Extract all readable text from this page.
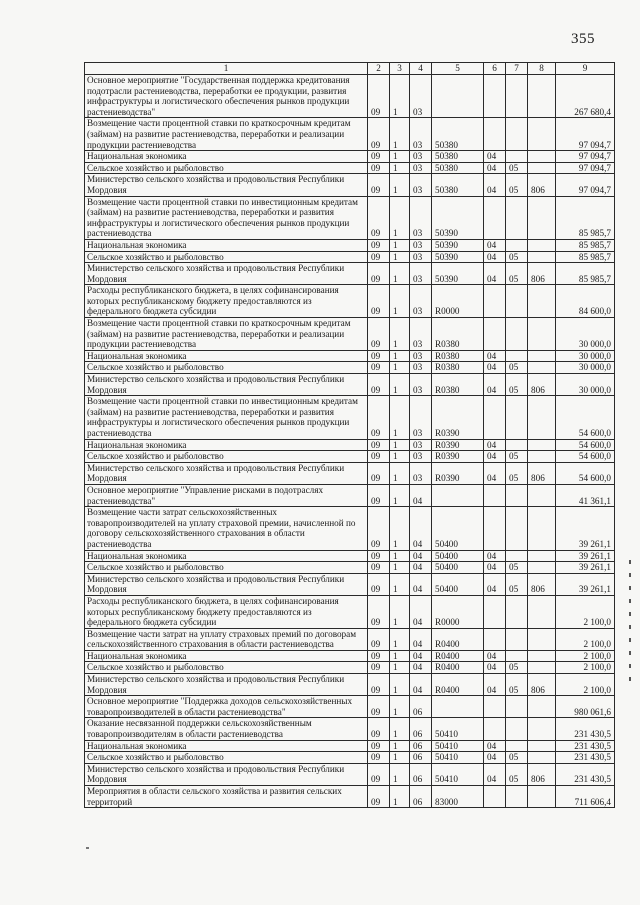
355
1	2	3	4	5	6	7	8	9
Основное мероприятие "Государственная поддержка кредитования подотрасли растениеводства, переработки ее продукции, развития инфраструктуры и логистического обеспечения рынков продукции растениеводства"	09	1	03					267 680,4
Возмещение части процентной ставки по краткосрочным кредитам (займам) на развитие растениеводства, переработки и реализации продукции растениеводства	09	1	03	50380				97 094,7
Национальная экономика	09	1	03	50380	04			97 094,7
Сельское хозяйство и рыболовство	09	1	03	50380	04	05		97 094,7
Министерство сельского хозяйства и продовольствия Республики Мордовия	09	1	03	50380	04	05	806	97 094,7
Возмещение части процентной ставки по инвестиционным кредитам (займам) на развитие растениеводства, переработки и развития инфраструктуры и логистического обеспечения рынков продукции растениеводства	09	1	03	50390				85 985,7
Национальная экономика	09	1	03	50390	04			85 985,7
Сельское хозяйство и рыболовство	09	1	03	50390	04	05		85 985,7
Министерство сельского хозяйства и продовольствия Республики Мордовия	09	1	03	50390	04	05	806	85 985,7
Расходы республиканского бюджета, в целях софинансирования которых республиканскому бюджету предоставляются из федерального бюджета субсидии	09	1	03	R0000				84 600,0
Возмещение части процентной ставки по краткосрочным кредитам (займам) на развитие растениеводства, переработки и реализации продукции растениеводства	09	1	03	R0380				30 000,0
Национальная экономика	09	1	03	R0380	04			30 000,0
Сельское хозяйство и рыболовство	09	1	03	R0380	04	05		30 000,0
Министерство сельского хозяйства и продовольствия Республики Мордовия	09	1	03	R0380	04	05	806	30 000,0
Возмещение части процентной ставки по инвестиционным кредитам (займам) на развитие растениеводства, переработки и развития инфраструктуры и логистического обеспечения рынков продукции растениеводства	09	1	03	R0390				54 600,0
Национальная экономика	09	1	03	R0390	04			54 600,0
Сельское хозяйство и рыболовство	09	1	03	R0390	04	05		54 600,0
Министерство сельского хозяйства и продовольствия Республики Мордовия	09	1	03	R0390	04	05	806	54 600,0
Основное мероприятие "Управление рисками в подотраслях растениеводства"	09	1	04					41 361,1
Возмещение части затрат сельскохозяйственных товаропроизводителей на уплату страховой премии, начисленной по договору сельскохозяйственного страхования в области растениеводства	09	1	04	50400				39 261,1
Национальная экономика	09	1	04	50400	04			39 261,1
Сельское хозяйство и рыболовство	09	1	04	50400	04	05		39 261,1
Министерство сельского хозяйства и продовольствия Республики Мордовия	09	1	04	50400	04	05	806	39 261,1
Расходы республиканского бюджета, в целях софинансирования которых республиканскому бюджету предоставляются из федерального бюджета субсидии	09	1	04	R0000				2 100,0
Возмещение части затрат на уплату страховых премий по договорам сельскохозяйственного страхования в области растениеводства	09	1	04	R0400				2 100,0
Национальная экономика	09	1	04	R0400	04			2 100,0
Сельское хозяйство и рыболовство	09	1	04	R0400	04	05		2 100,0
Министерство сельского хозяйства и продовольствия Республики Мордовия	09	1	04	R0400	04	05	806	2 100,0
Основное мероприятие "Поддержка доходов сельскохозяйственных товаропроизводителей в области растениеводства"	09	1	06					980 061,6
Оказание несвязанной поддержки сельскохозяйственным товаропроизводителям в области растениеводства	09	1	06	50410				231 430,5
Национальная экономика	09	1	06	50410	04			231 430,5
Сельское хозяйство и рыболовство	09	1	06	50410	04	05		231 430,5
Министерство сельского хозяйства и продовольствия Республики Мордовия	09	1	06	50410	04	05	806	231 430,5
Мероприятия в области сельского хозяйства и развития сельских территорий	09	1	06	83000				711 606,4
